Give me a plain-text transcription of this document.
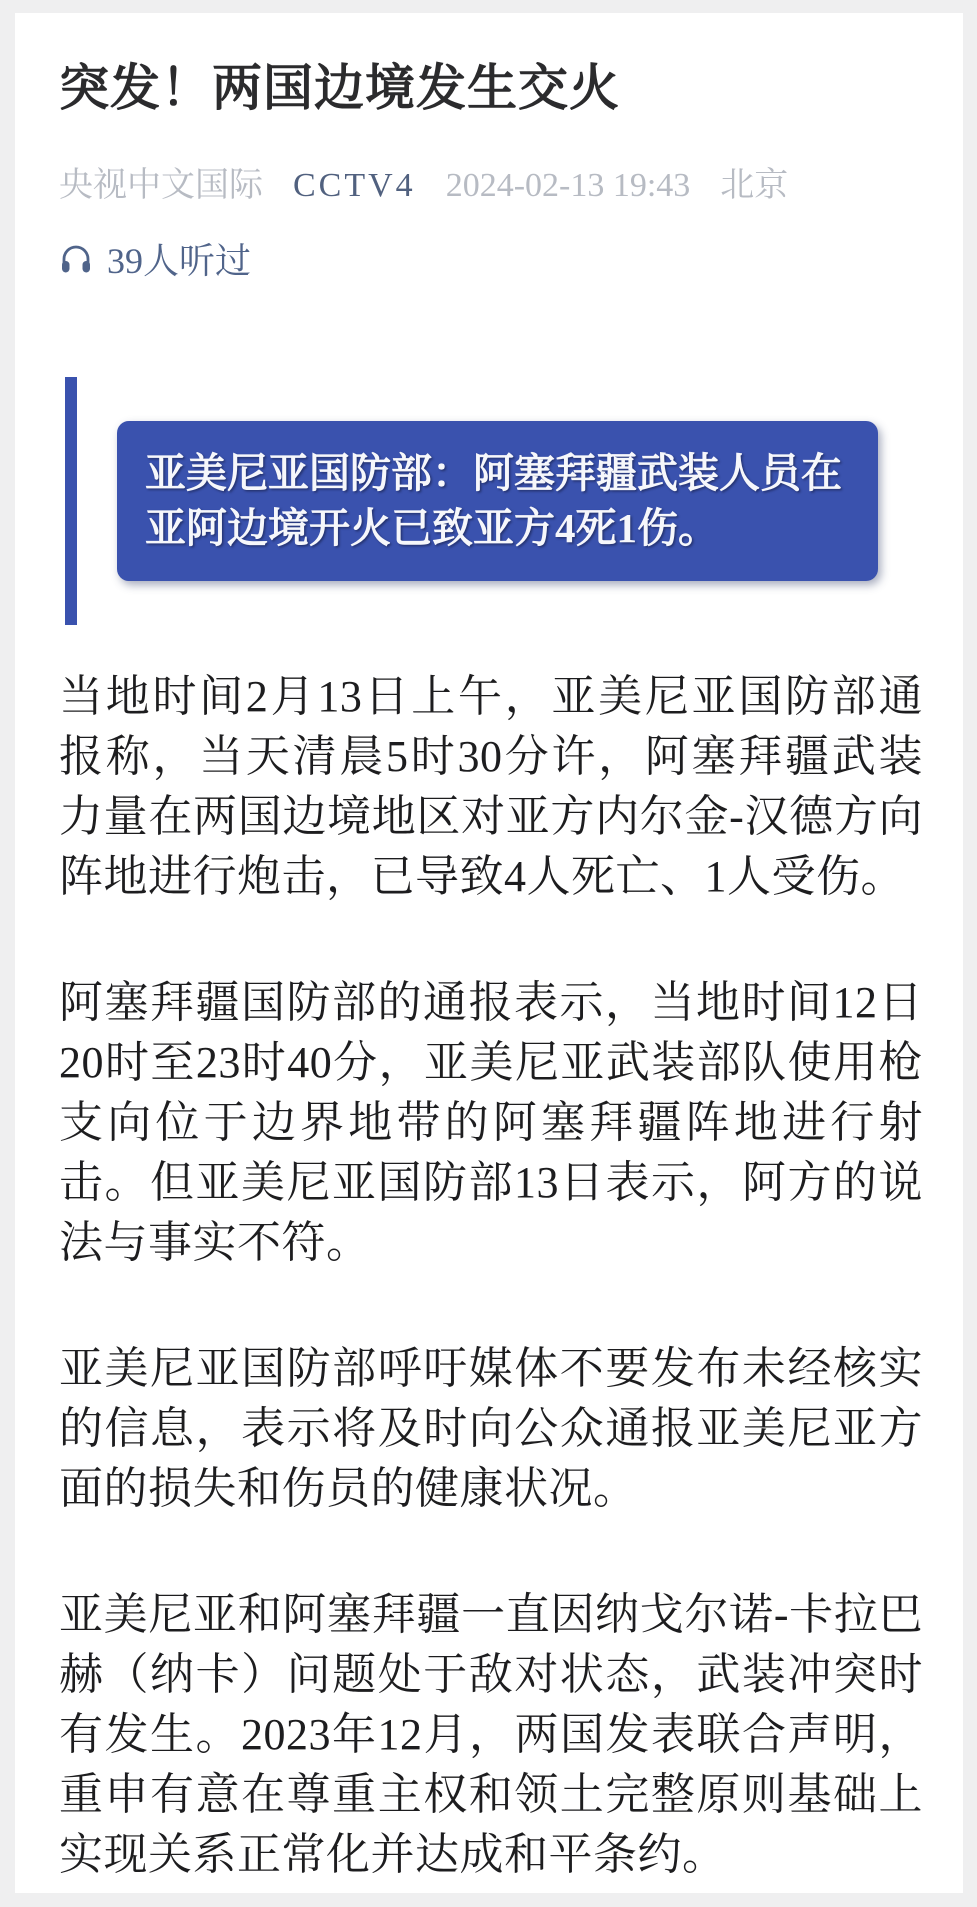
突发！两国边境发生交火
央视中文国际 CCTV4 2024-02-13 19:43 北京
39人听过
亚美尼亚国防部：阿塞拜疆武装人员在亚阿边境开火已致亚方4死1伤。

当地时间2月13日上午，亚美尼亚国防部通报称，当天清晨5时30分许，阿塞拜疆武装力量在两国边境地区对亚方内尔金-汉德方向阵地进行炮击，已导致4人死亡、1人受伤。

阿塞拜疆国防部的通报表示，当地时间12日20时至23时40分，亚美尼亚武装部队使用枪支向位于边界地带的阿塞拜疆阵地进行射击。但亚美尼亚国防部13日表示，阿方的说法与事实不符。

亚美尼亚国防部呼吁媒体不要发布未经核实的信息，表示将及时向公众通报亚美尼亚方面的损失和伤员的健康状况。

亚美尼亚和阿塞拜疆一直因纳戈尔诺-卡拉巴赫（纳卡）问题处于敌对状态，武装冲突时有发生。2023年12月，两国发表联合声明，重申有意在尊重主权和领土完整原则基础上实现关系正常化并达成和平条约。
